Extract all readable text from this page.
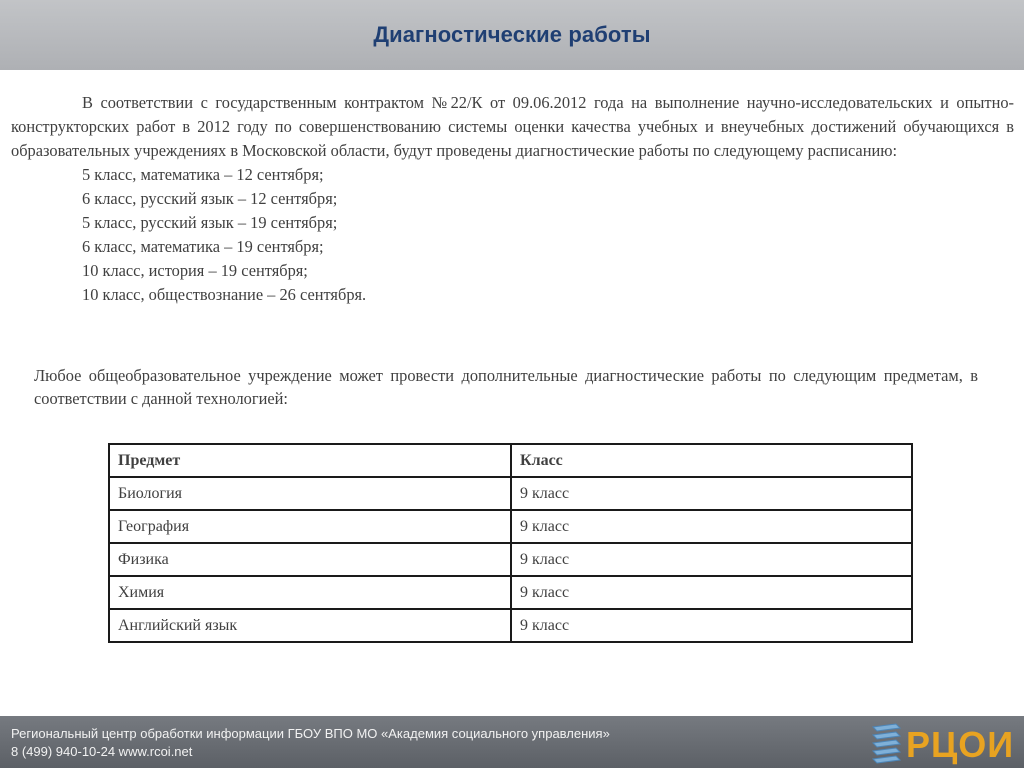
Диагностические работы
В соответствии с государственным контрактом №22/К от 09.06.2012 года на выполнение научно-исследовательских и опытно-конструкторских работ в 2012 году по совершенствованию системы оценки качества учебных и внеучебных достижений обучающихся в образовательных учреждениях в Московской области, будут проведены диагностические работы по следующему расписанию:
5 класс, математика – 12 сентября;
6 класс, русский язык – 12 сентября;
5 класс, русский язык – 19 сентября;
6 класс, математика – 19 сентября;
10 класс, история – 19 сентября;
10 класс, обществознание – 26 сентября.
Любое общеобразовательное учреждение может провести дополнительные диагностические работы по следующим предметам, в соответствии с данной технологией:
Предмет	Класс
Биология	9 класс
География	9 класс
Физика	9 класс
Химия	9 класс
Английский язык	9 класс
Региональный центр обработки информации ГБОУ ВПО МО «Академия социального управления»
8 (499) 940-10-24 www.rcoi.net	РЦОИ
